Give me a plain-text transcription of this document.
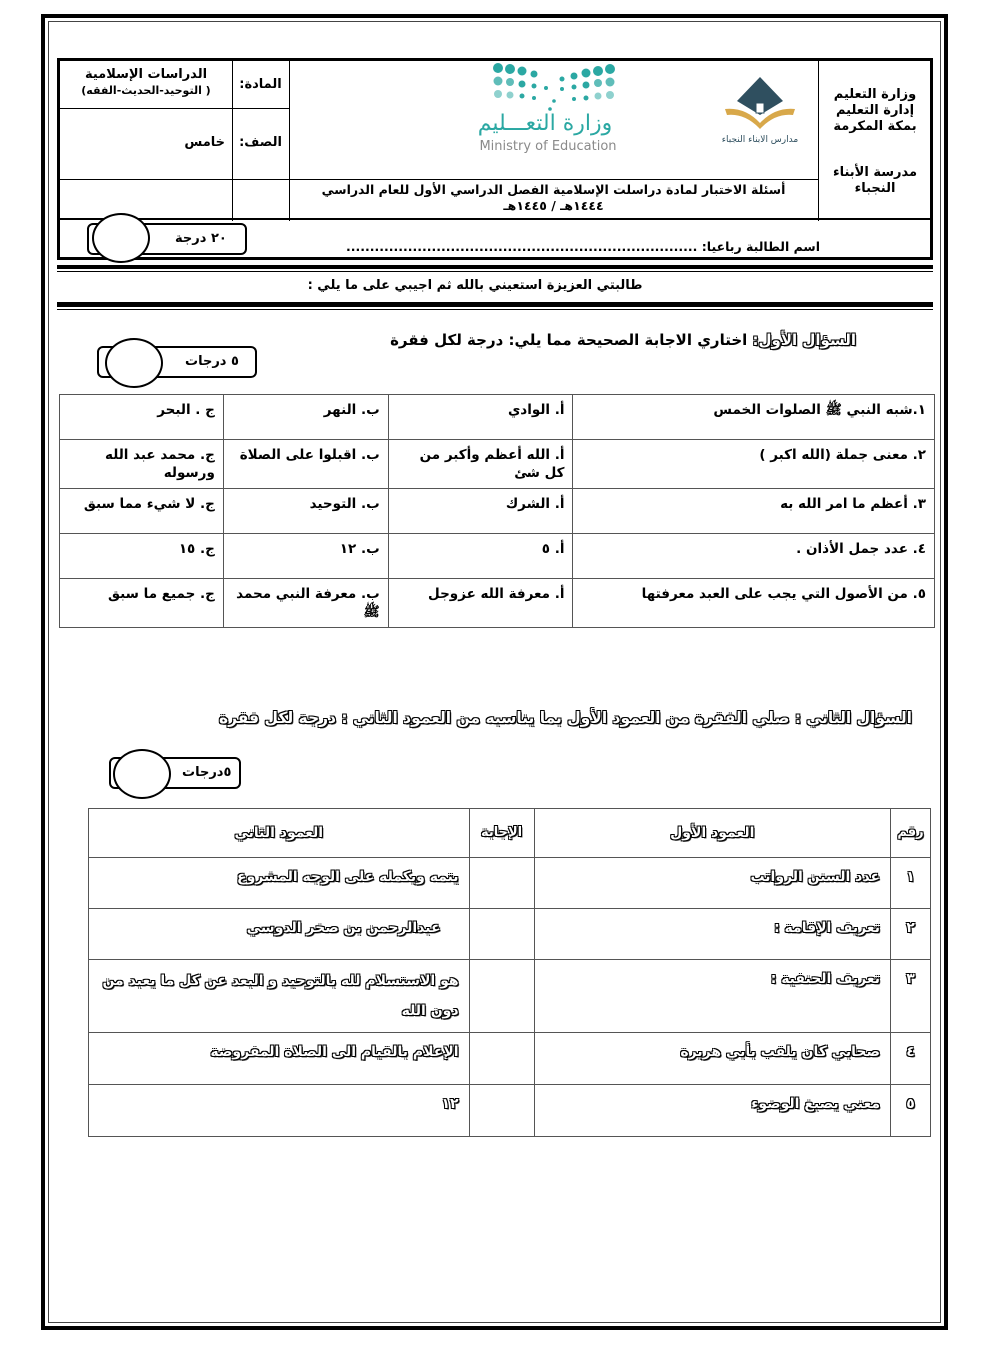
الدراسات الإسلامية
( التوحيد-الحديث-الفقه)	المادة:
خامس	الصف:
وزارة التعـــليم
Ministry of Education	مدارس الابناء النجباء
وزارة التعليم
إدارة التعليم بمكة المكرمة
مدرسة الأبناء النجباء
أسئلة الاختبار لمادة دراسلت الإسلامية الفصل الدراسي الأول للعام الدراسي
١٤٤٤هـ / ١٤٤٥هـ
اسم الطالبة رباعيا: ..........................................................................
٢٠ درجة
طالبتي العزيزة استعيني بالله ثم اجيبي على ما يلي :
السؤال الأول: اختاري الاجابة الصحيحة مما يلي: درجة لكل فقرة
٥ درجات
١.شبه النبي ﷺ الصلوات الخمس	أ. الوادي	ب. النهر	ج . البحر
٢. معنى جملة (الله اكبر )	أ. الله أعظم وأكبر من كل شئ	ب. اقبلوا على الصلاة	ج. محمد عبد الله ورسوله
٣. أعظم ما امر الله به	أ. الشرك	ب. التوحيد	ج. لا شيء مما سبق
٤. عدد جمل الأذان .	أ. ٥	ب. ١٢	ج. ١٥
٥. من الأصول التي يجب على العبد معرفتها	أ. معرفة الله عزوجل	ب. معرفة النبي محمد ﷺ	ج. جميع ما سبق
السؤال الثاني : صلي الفقرة من العمود الأول بما يناسبه من العمود الثاني : درجة لكل فقرة
٥درجات
رقم	العمود الأول	الإجابة	العمود الثاني
١	عدد السنن الرواتب		يتمه ويكمله على الوجه المشروع
٢	تعريف الإقامة :		عبدالرحمن بن صخر الدوسي
٣	تعريف الحنفية :		هو الاستسلام لله بالتوحيد و البعد عن كل ما يعبد من دون الله
٤	صحابي كان يلقب بأبي هريرة		الإعلام بالقيام الى الصلاة المفروضة
٥	معني يصبغ الوضوء		١٢
